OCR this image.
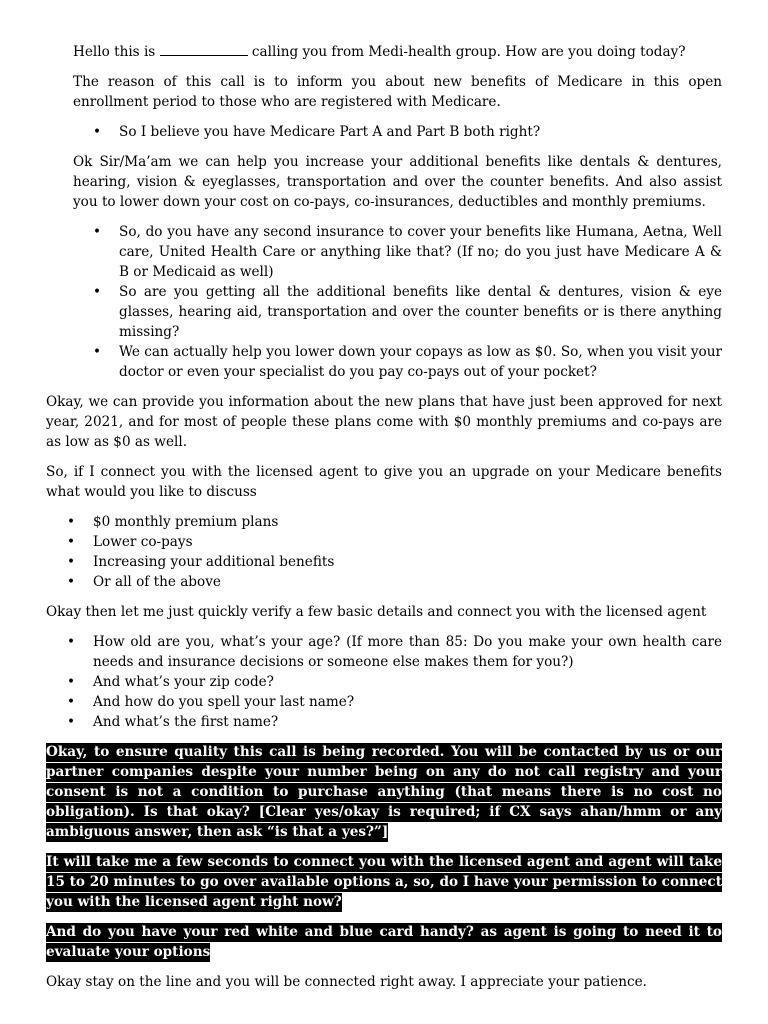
Hello this is	calling you from Medi-health group. How are you doing today?

The reason of this call is to inform you about new benefits of Medicare in this open enrollment period to those who are registered with Medicare.

• So I believe you have Medicare Part A and Part B both right?

Ok Sir/Ma’am we can help you increase your additional benefits like dentals & dentures, hearing, vision & eyeglasses, transportation and over the counter benefits. And also assist you to lower down your cost on co-pays, co-insurances, deductibles and monthly premiums.

• So, do you have any second insurance to cover your benefits like Humana, Aetna, Well care, United Health Care or anything like that? (If no; do you just have Medicare A & B or Medicaid as well)
• So are you getting all the additional benefits like dental & dentures, vision & eye glasses, hearing aid, transportation and over the counter benefits or is there anything missing?
• We can actually help you lower down your copays as low as $0. So, when you visit your doctor or even your specialist do you pay co-pays out of your pocket?

Okay, we can provide you information about the new plans that have just been approved for next year, 2021, and for most of people these plans come with $0 monthly premiums and co-pays are as low as $0 as well.

So, if I connect you with the licensed agent to give you an upgrade on your Medicare benefits what would you like to discuss

• $0 monthly premium plans
• Lower co-pays
• Increasing your additional benefits
• Or all of the above

Okay then let me just quickly verify a few basic details and connect you with the licensed agent

• How old are you, what’s your age? (If more than 85: Do you make your own health care needs and insurance decisions or someone else makes them for you?)
• And what’s your zip code?
• And how do you spell your last name?
• And what’s the first name?

Okay, to ensure quality this call is being recorded. You will be contacted by us or our partner companies despite your number being on any do not call registry and your consent is not a condition to purchase anything (that means there is no cost no obligation). Is that okay? [Clear yes/okay is required; if CX says ahan/hmm or any ambiguous answer, then ask “is that a yes?”]

It will take me a few seconds to connect you with the licensed agent and agent will take 15 to 20 minutes to go over available options a, so, do I have your permission to connect you with the licensed agent right now?

And do you have your red white and blue card handy? as agent is going to need it to evaluate your options

Okay stay on the line and you will be connected right away. I appreciate your patience.
